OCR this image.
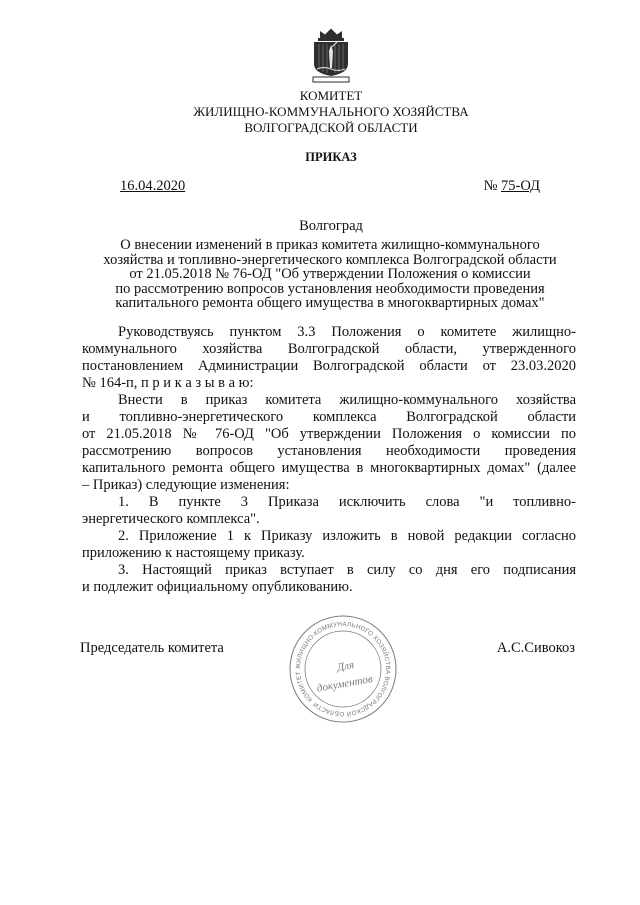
КОМИТЕТ
ЖИЛИЩНО-КОММУНАЛЬНОГО ХОЗЯЙСТВА
ВОЛГОГРАДСКОЙ ОБЛАСТИ
ПРИКАЗ
16.04.2020	№ 75-ОД
Волгоград
О внесении изменений в приказ комитета жилищно-коммунального
хозяйства и топливно-энергетического комплекса Волгоградской области
от 21.05.2018 № 76-ОД "Об утверждении Положения о комиссии
по рассмотрению вопросов установления необходимости проведения
капитального ремонта общего имущества в многоквартирных домах"
Руководствуясь пунктом 3.3 Положения о комитете жилищно-
коммунального хозяйства Волгоградской области, утвержденного
постановлением Администрации Волгоградской области от 23.03.2020
№ 164-п, п р и к а з ы в а ю:
Внести в приказ комитета жилищно-коммунального хозяйства
и топливно-энергетического комплекса Волгоградской области
от 21.05.2018 № 76-ОД "Об утверждении Положения о комиссии по
рассмотрению вопросов установления необходимости проведения
капитального ремонта общего имущества в многоквартирных домах" (далее
– Приказ) следующие изменения:
1. В пункте 3 Приказа исключить слова "и топливно-
энергетического комплекса".
2. Приложение 1 к Приказу изложить в новой редакции согласно
приложению к настоящему приказу.
3. Настоящий приказ вступает в силу со дня его подписания
и подлежит официальному опубликованию.
Председатель комитета	А.С.Сивокоз
КОМИТЕТ ЖИЛИЩНО-КОММУНАЛЬНОГО ХОЗЯЙСТВА ВОЛГОГРАДСКОЙ ОБЛАСТИ
Для
документов
